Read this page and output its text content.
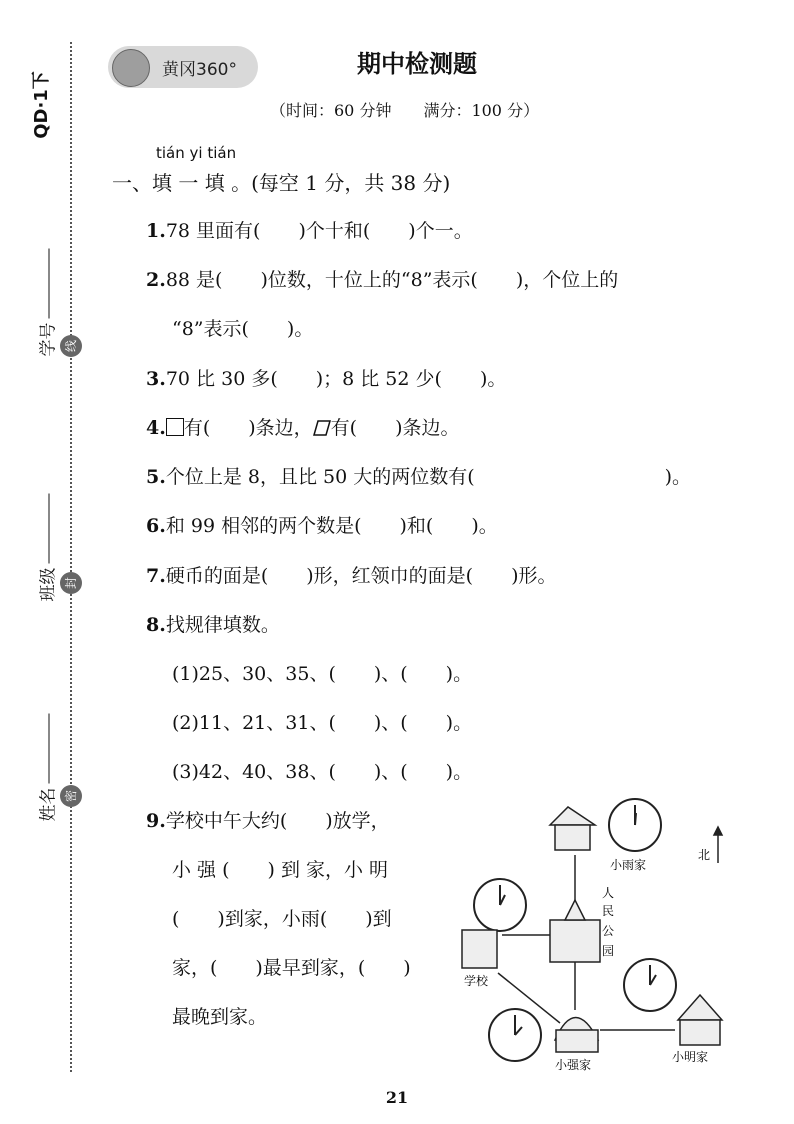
QD·1下
学号
班级
姓名
线
封
密
黄冈360°	期中检测题
（时间：60 分钟　　满分：100 分）
tián yi tián
一、填 一 填 。(每空 1 分，共 38 分)
1.78 里面有(　　)个十和(　　)个一。
2.88 是(　　)位数，十位上的“8”表示(　　)，个位上的
“8”表示(　　)。
3.70 比 30 多(　　)；8 比 52 少(　　)。
4. 有(　　)条边， 有(　　)条边。
5.个位上是 8，且比 50 大的两位数有(　　　　　　　　　　)。
6.和 99 相邻的两个数是(　　)和(　　)。
7.硬币的面是(　　)形，红领巾的面是(　　)形。
8.找规律填数。
(1)25、30、35、(　　)、(　　)。
(2)11、21、31、(　　)、(　　)。
(3)42、40、38、(　　)、(　　)。
9.学校中午大约(　　)放学，
小 强 (　　) 到 家，小 明
(　　)到家，小雨(　　)到
家，(　　)最早到家，(　　)
最晚到家。
北
小雨家
人
民
公
园
学校
小强家
小明家
21
